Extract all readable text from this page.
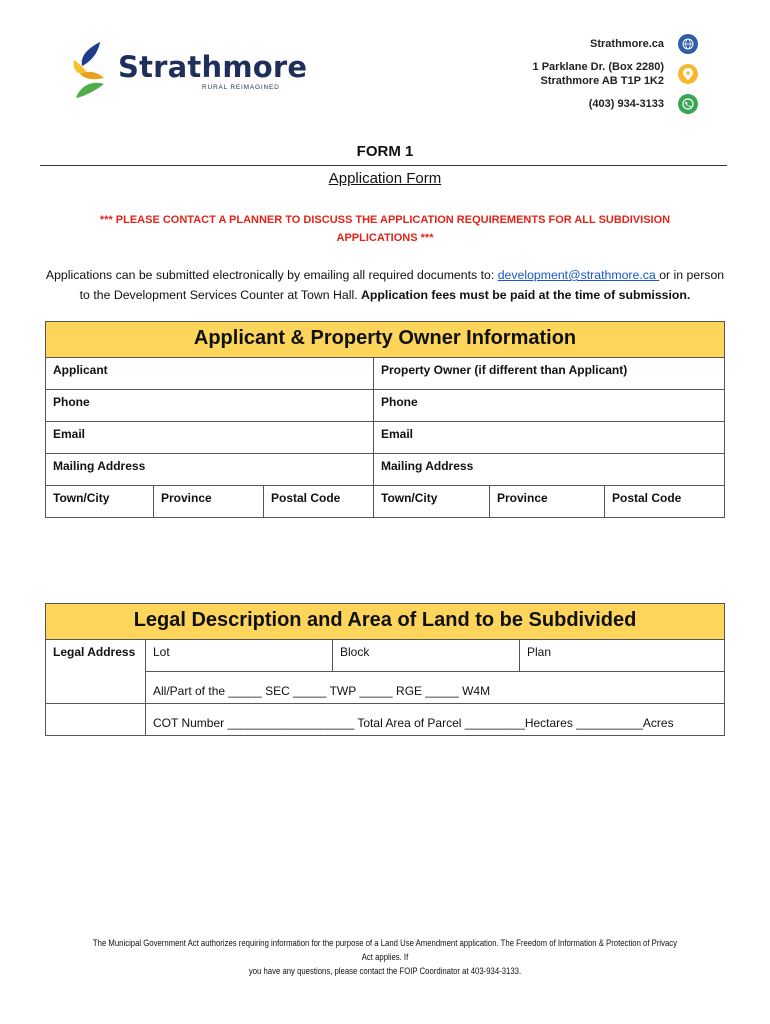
Strathmore
RURAL REIMAGINED
Strathmore.ca
1 Parklane Dr. (Box 2280)
Strathmore AB T1P 1K2
(403) 934-3133
FORM 1
Application Form
*** PLEASE CONTACT A PLANNER TO DISCUSS THE APPLICATION REQUIREMENTS FOR ALL SUBDIVISION
APPLICATIONS ***
Applications can be submitted electronically by emailing all required documents to: development@strathmore.ca or in person to the Development Services Counter at Town Hall. Application fees must be paid at the time of submission.
Applicant & Property Owner Information					
Applicant			Property Owner (if different than Applicant)		
Phone			Phone		
Email			Email		
Mailing Address			Mailing Address		
Town/City	Province	Postal Code	Town/City	Province	Postal Code
Legal Description and Area of Land to be Subdivided			
Legal Address	Lot	Block	Plan
	All/Part of the _____ SEC _____ TWP _____ RGE _____ W4M		
	COT Number ___________________ Total Area of Parcel _________Hectares __________Acres		
The Municipal Government Act authorizes requiring information for the purpose of a Land Use Amendment application. The Freedom of Information & Protection of Privacy Act applies. If
you have any questions, please contact the FOIP Coordinator at 403-934-3133.
